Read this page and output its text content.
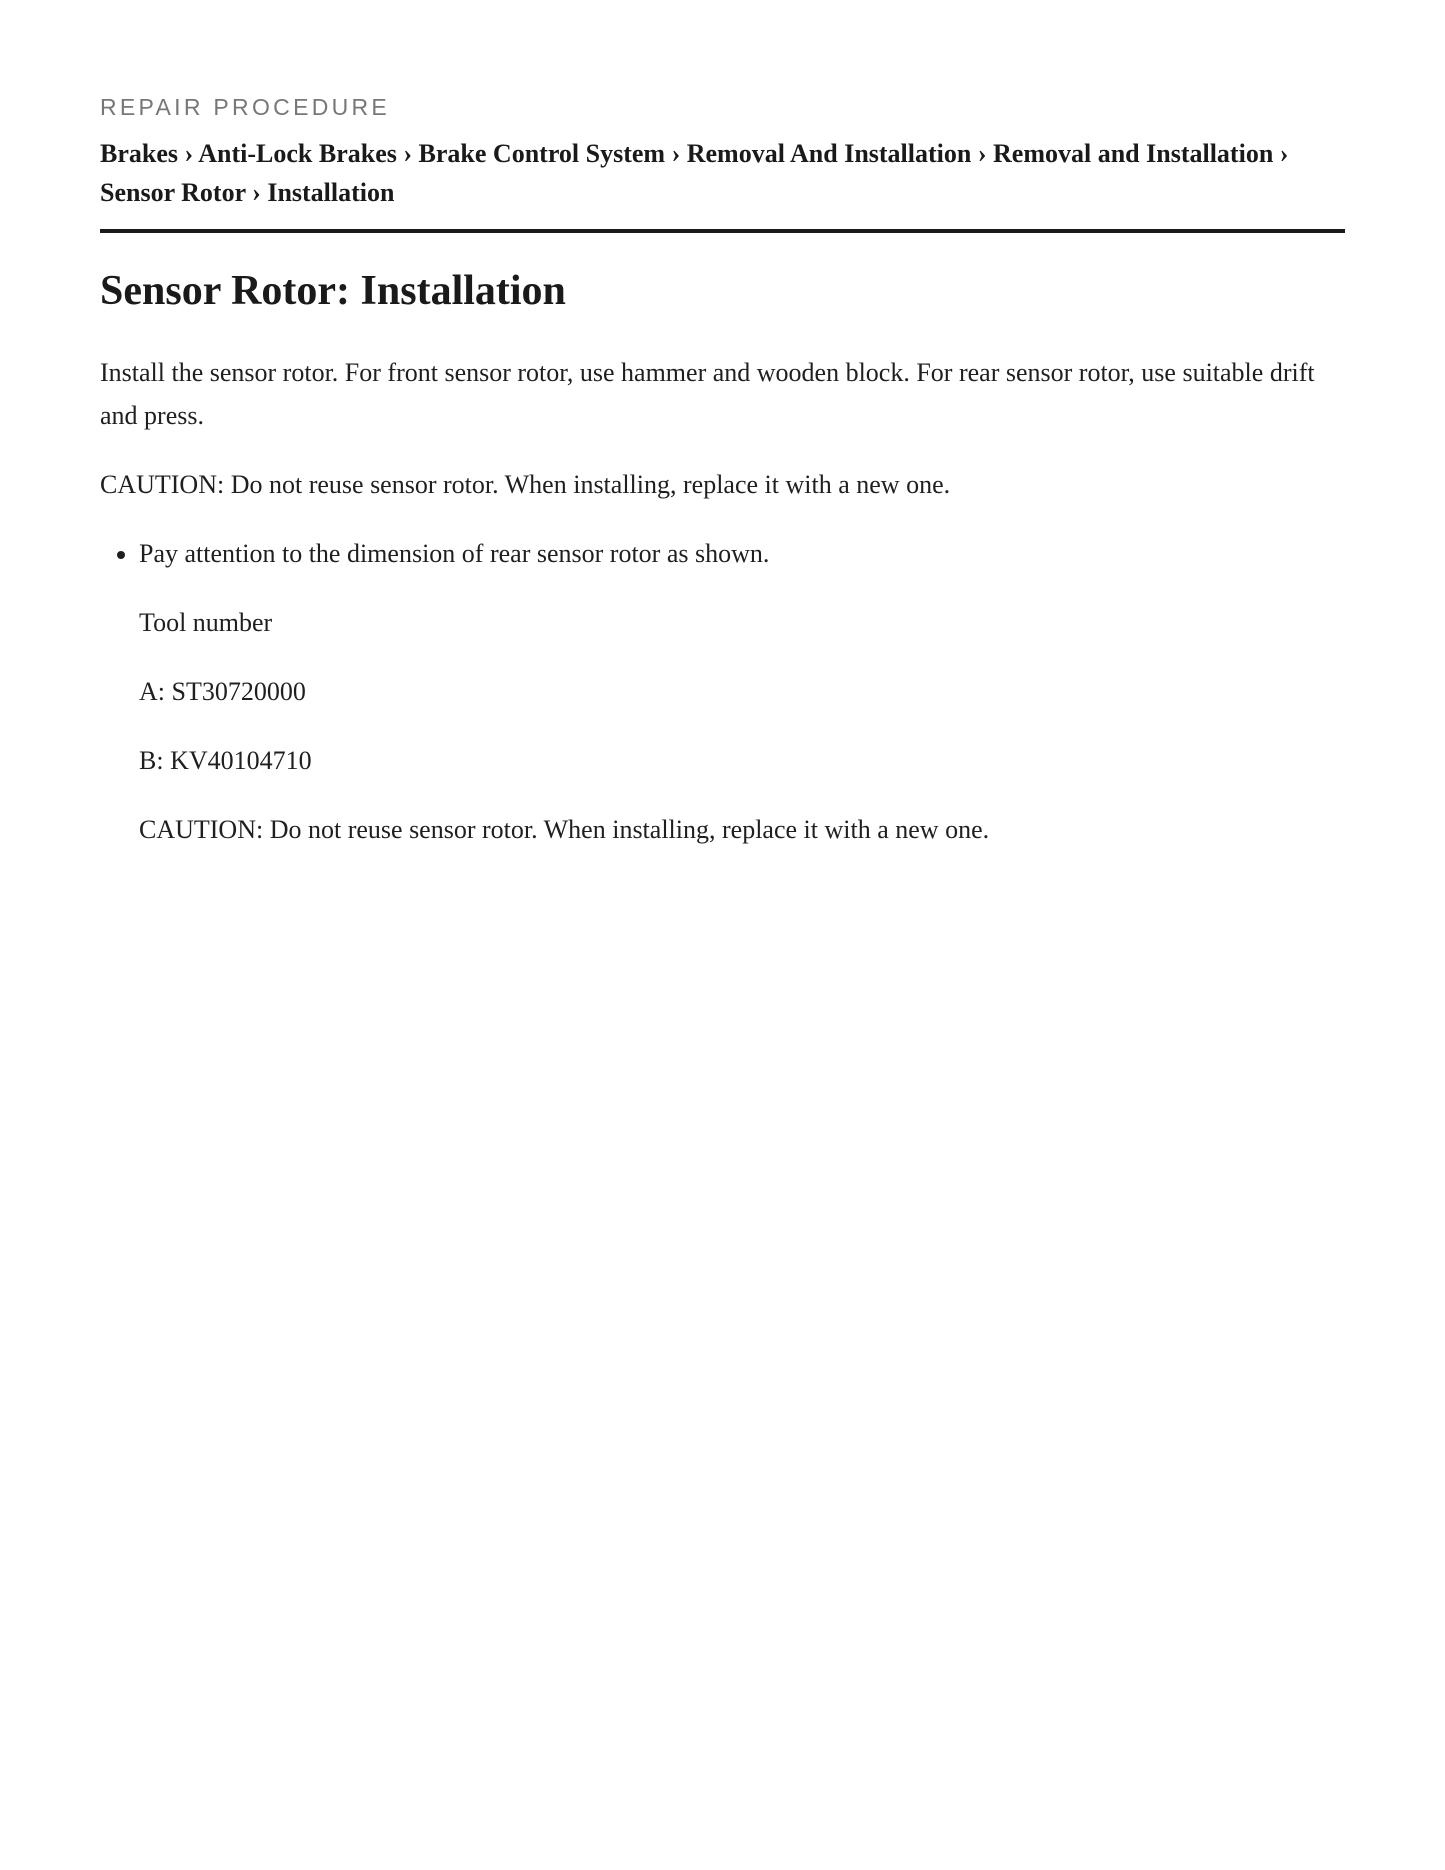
REPAIR PROCEDURE
Brakes › Anti-Lock Brakes › Brake Control System › Removal And Installation › Removal and Installation › Sensor Rotor › Installation
Sensor Rotor: Installation

Install the sensor rotor. For front sensor rotor, use hammer and wooden block. For rear sensor rotor, use suitable drift and press.

CAUTION: Do not reuse sensor rotor. When installing, replace it with a new one.

• Pay attention to the dimension of rear sensor rotor as shown.
Tool number
A: ST30720000
B: KV40104710
CAUTION: Do not reuse sensor rotor. When installing, replace it with a new one.
